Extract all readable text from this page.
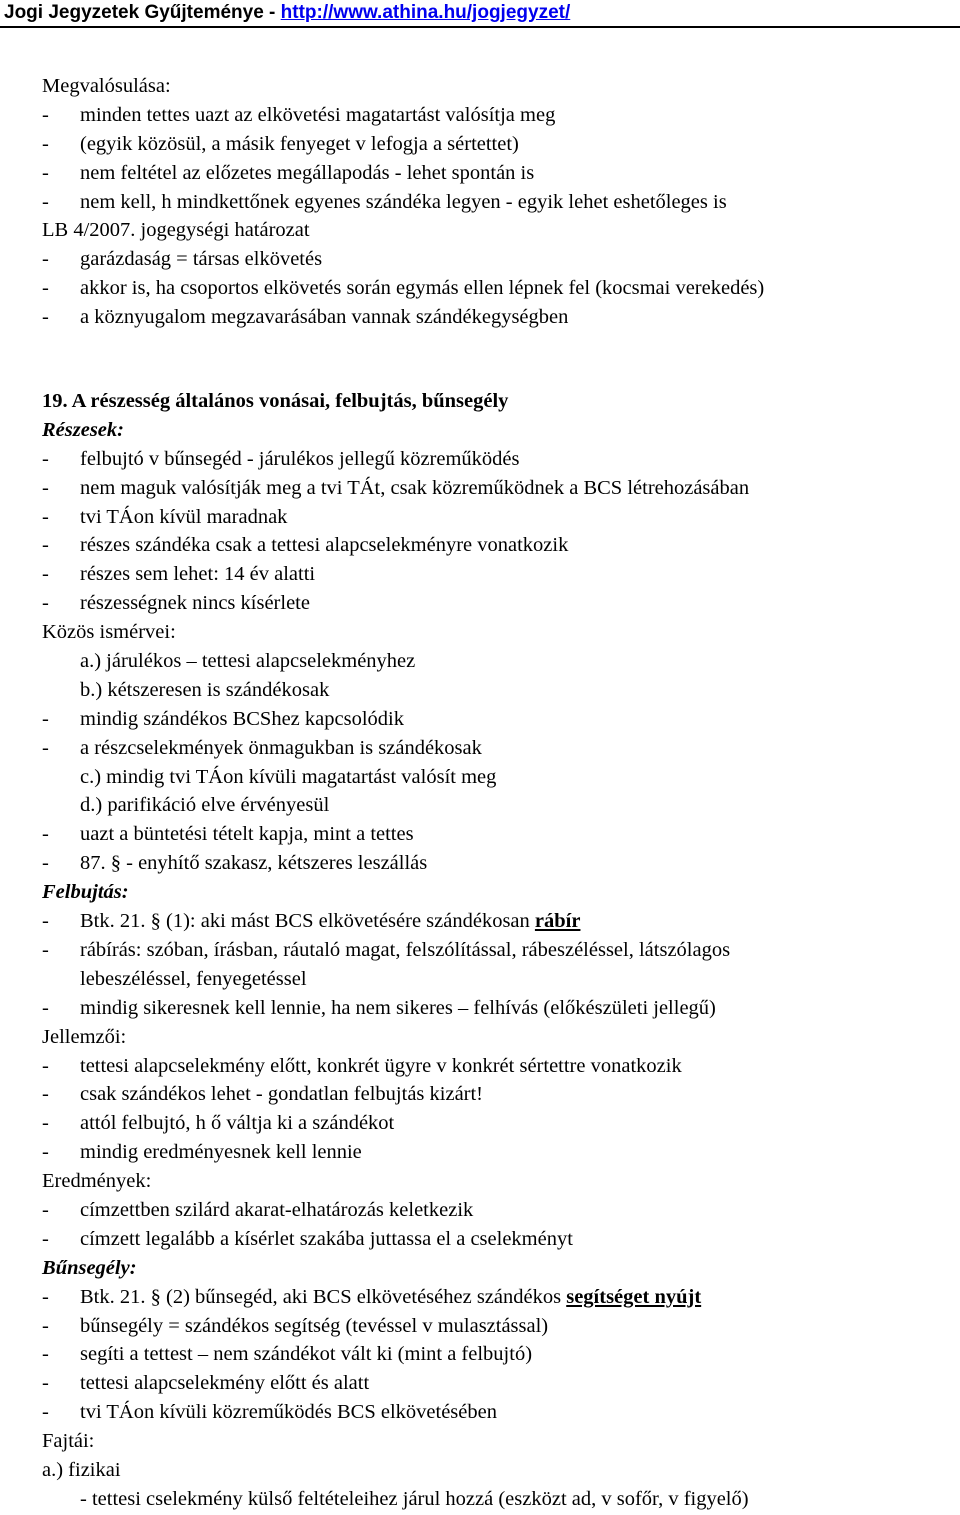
Jogi Jegyzetek Gyűjteménye - http://www.athina.hu/jogjegyzet/
Megvalósulása:
- minden tettes uazt az elkövetési magatartást valósítja meg
- (egyik közösül, a másik fenyeget v lefogja a sértettet)
- nem feltétel az előzetes megállapodás - lehet spontán is
- nem kell, h mindkettőnek egyenes szándéka legyen - egyik lehet eshetőleges is
LB 4/2007. jogegységi határozat
- garázdaság = társas elkövetés
- akkor is, ha csoportos elkövetés során egymás ellen lépnek fel (kocsmai verekedés)
- a köznyugalom megzavarásában vannak szándékegységben
19. A részesség általános vonásai, felbujtás, bűnsegély
Részesek:
- felbujtó v bűnsegéd - járulékos jellegű közreműködés
- nem maguk valósítják meg a tvi TÁt, csak közreműködnek a BCS létrehozásában
- tvi TÁon kívül maradnak
- részes szándéka csak a tettesi alapcselekményre vonatkozik
- részes sem lehet: 14 év alatti
- részességnek nincs kísérlete
Közös ismérvei:
a.) járulékos – tettesi alapcselekményhez
b.) kétszeresen is szándékosak
- mindig szándékos BCShez kapcsolódik
- a részcselekmények önmagukban is szándékosak
c.) mindig tvi TÁon kívüli magatartást valósít meg
d.) parifikáció elve érvényesül
- uazt a büntetési tételt kapja, mint a tettes
- 87. § - enyhítő szakasz, kétszeres leszállás
Felbujtás:
- Btk. 21. § (1): aki mást BCS elkövetésére szándékosan rábír
- rábírás: szóban, írásban, ráutaló magat, felszólítással, rábeszéléssel, látszólagos
lebeszéléssel, fenyegetéssel
- mindig sikeresnek kell lennie, ha nem sikeres – felhívás (előkészületi jellegű)
Jellemzői:
- tettesi alapcselekmény előtt, konkrét ügyre v konkrét sértettre vonatkozik
- csak szándékos lehet - gondatlan felbujtás kizárt!
- attól felbujtó, h ő váltja ki a szándékot
- mindig eredményesnek kell lennie
Eredmények:
- címzettben szilárd akarat-elhatározás keletkezik
- címzett legalább a kísérlet szakába juttassa el a cselekményt
Bűnsegély:
- Btk. 21. § (2) bűnsegéd, aki BCS elkövetéséhez szándékos segítséget nyújt
- bűnsegély = szándékos segítség (tevéssel v mulasztással)
- segíti a tettest – nem szándékot vált ki (mint a felbujtó)
- tettesi alapcselekmény előtt és alatt
- tvi TÁon kívüli közreműködés BCS elkövetésében
Fajtái:
a.) fizikai
- tettesi cselekmény külső feltételeihez járul hozzá (eszközt ad, v sofőr, v figyelő)
